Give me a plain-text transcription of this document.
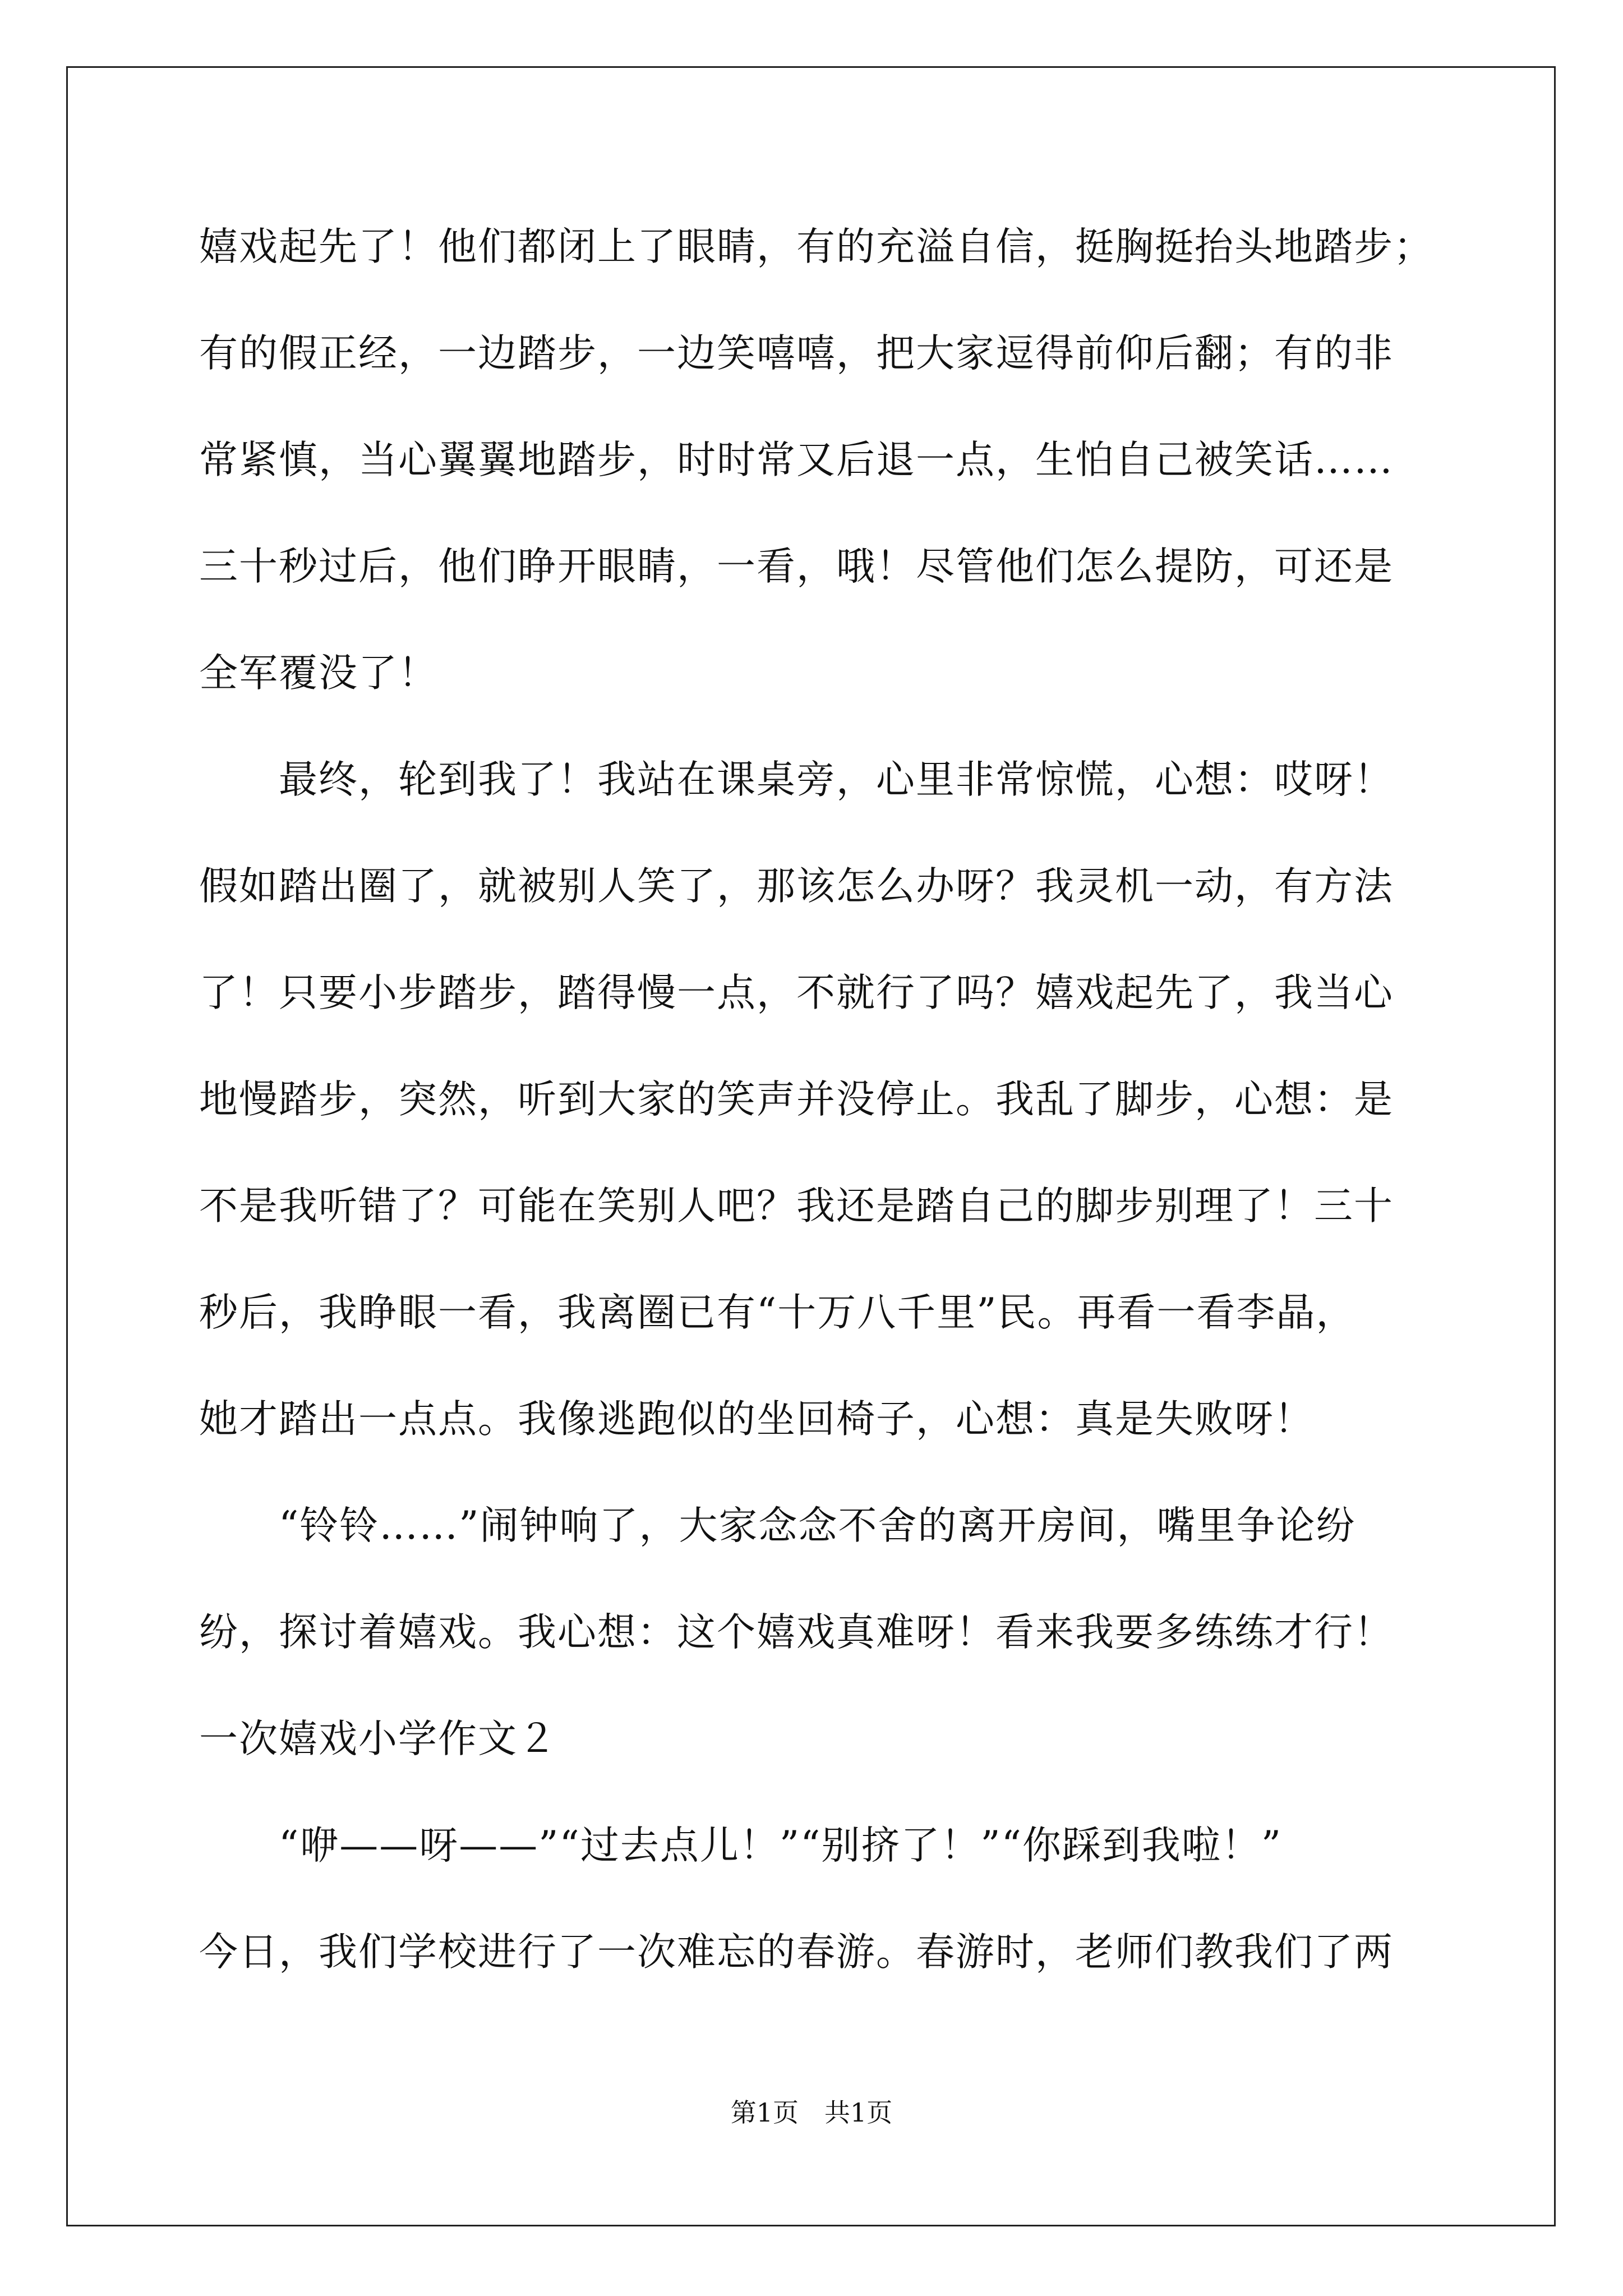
嬉戏起先了！他们都闭上了眼睛，有的充溢自信，挺胸挺抬头地踏步；
有的假正经，一边踏步，一边笑嘻嘻，把大家逗得前仰后翻；有的非
常紧慎，当心翼翼地踏步，时时常又后退一点，生怕自己被笑话……
三十秒过后，他们睁开眼睛，一看，哦！尽管他们怎么提防，可还是
全军覆没了！
　　最终，轮到我了！我站在课桌旁，心里非常惊慌，心想：哎呀！
假如踏出圈了，就被别人笑了，那该怎么办呀？我灵机一动，有方法
了！只要小步踏步，踏得慢一点，不就行了吗？嬉戏起先了，我当心
地慢踏步，突然，听到大家的笑声并没停止。我乱了脚步，心想：是
不是我听错了？可能在笑别人吧？我还是踏自己的脚步别理了！三十
秒后，我睁眼一看，我离圈已有“十万八千里”民。再看一看李晶，
她才踏出一点点。我像逃跑似的坐回椅子，心想：真是失败呀！
　　“铃铃……”闹钟响了，大家念念不舍的离开房间，嘴里争论纷
纷，探讨着嬉戏。我心想：这个嬉戏真难呀！看来我要多练练才行！
一次嬉戏小学作文２
　　“咿——呀——”“过去点儿！”“别挤了！”“你踩到我啦！”
今日，我们学校进行了一次难忘的春游。春游时，老师们教我们了两
第1页　共1页
